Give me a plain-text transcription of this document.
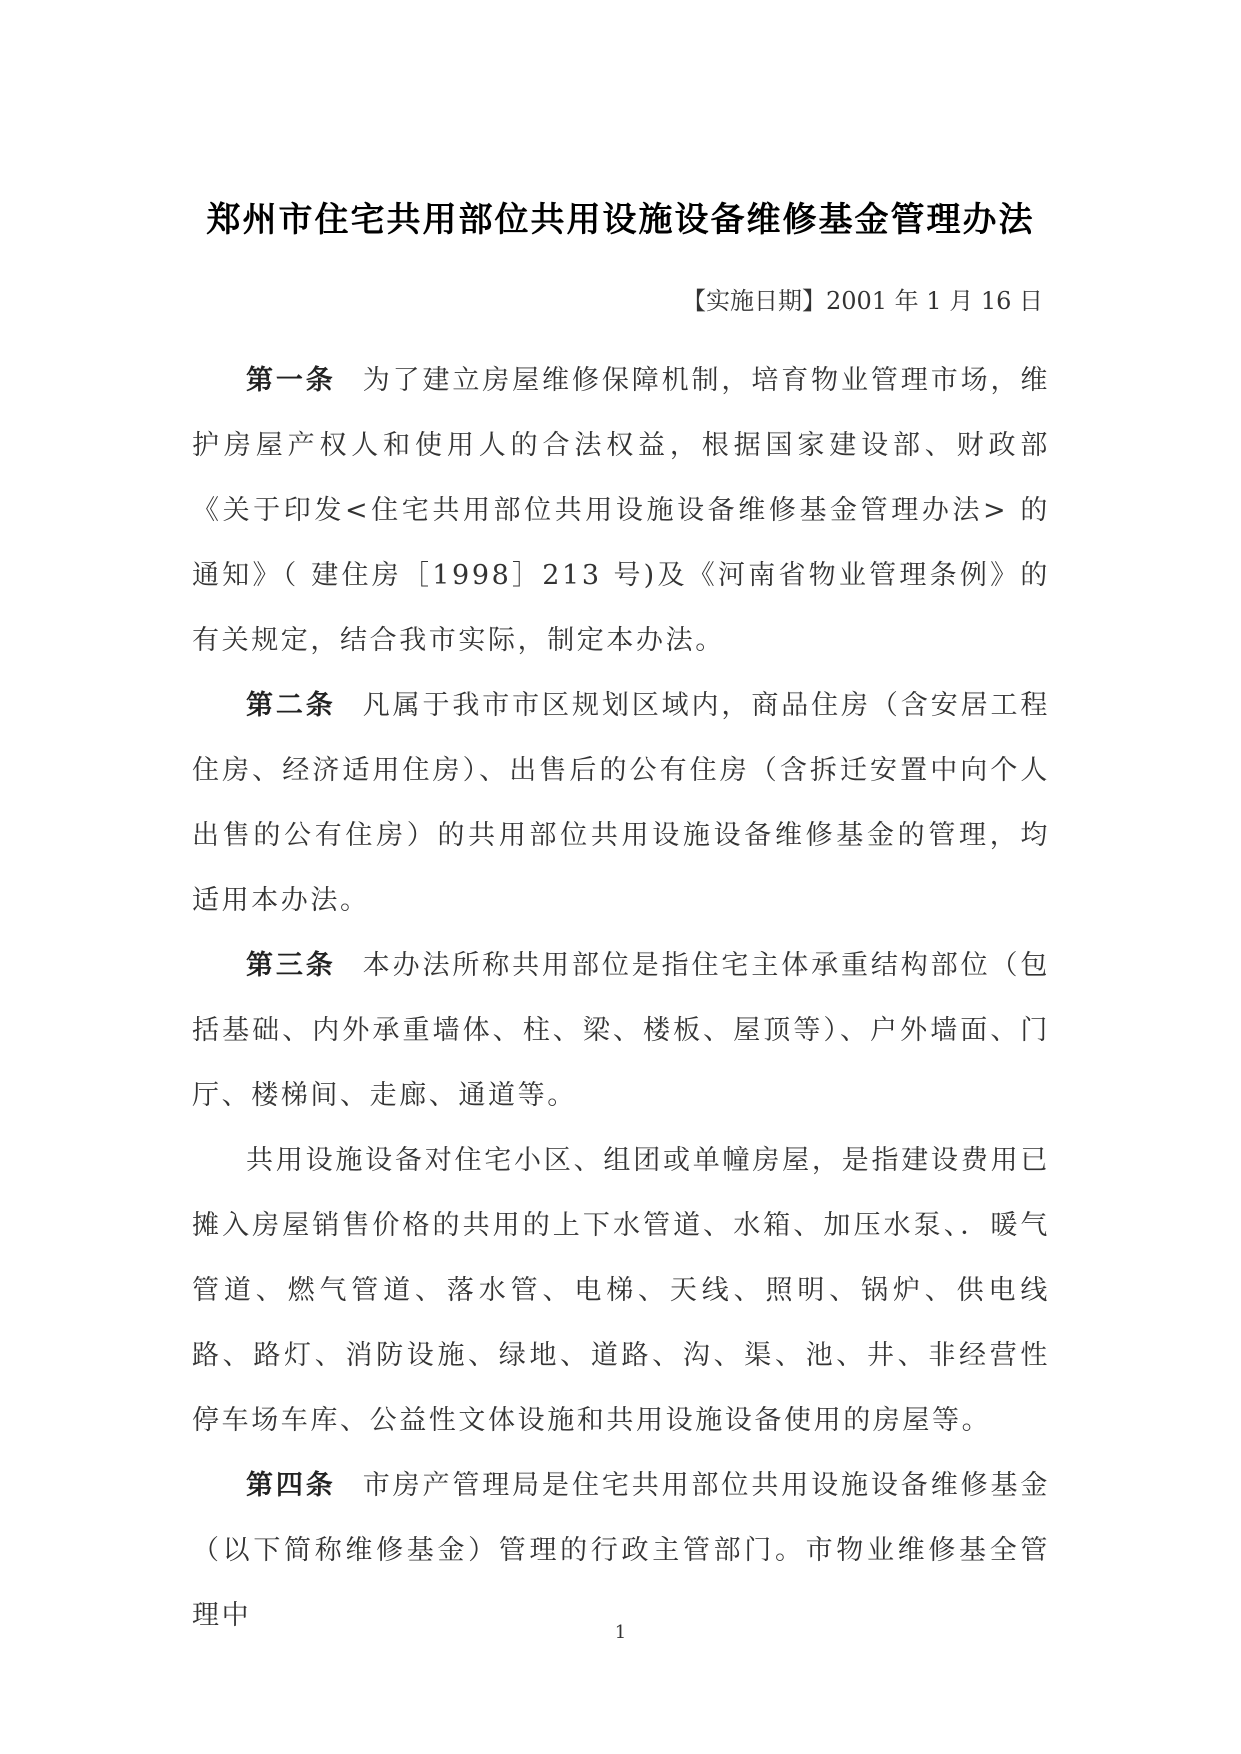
郑州市住宅共用部位共用设施设备维修基金管理办法
【实施日期】2001 年 1 月 16 日

第一条 为了建立房屋维修保障机制，培育物业管理市场，维护房屋产权人和使用人的合法权益，根据国家建设部、财政部《关于印发<住宅共用部位共用设施设备维修基金管理办法> 的通知》（ 建住房［1998］213 号)及《河南省物业管理条例》的有关规定，结合我市实际，制定本办法。

第二条 凡属于我市市区规划区域内，商品住房（含安居工程住房、经济适用住房）、出售后的公有住房（含拆迁安置中向个人出售的公有住房）的共用部位共用设施设备维修基金的管理，均适用本办法。

第三条 本办法所称共用部位是指住宅主体承重结构部位（包括基础、内外承重墙体、柱、梁、楼板、屋顶等）、户外墙面、门厅、楼梯间、走廊、通道等。

共用设施设备对住宅小区、组团或单幢房屋，是指建设费用已摊入房屋销售价格的共用的上下水管道、水箱、加压水泵、．暖气管道、燃气管道、落水管、电梯、天线、照明、锅炉、供电线路、路灯、消防设施、绿地、道路、沟、渠、池、井、非经营性停车场车库、公益性文体设施和共用设施设备使用的房屋等。

第四条 市房产管理局是住宅共用部位共用设施设备维修基金（以下简称维修基金）管理的行政主管部门。市物业维修基全管理中

1
